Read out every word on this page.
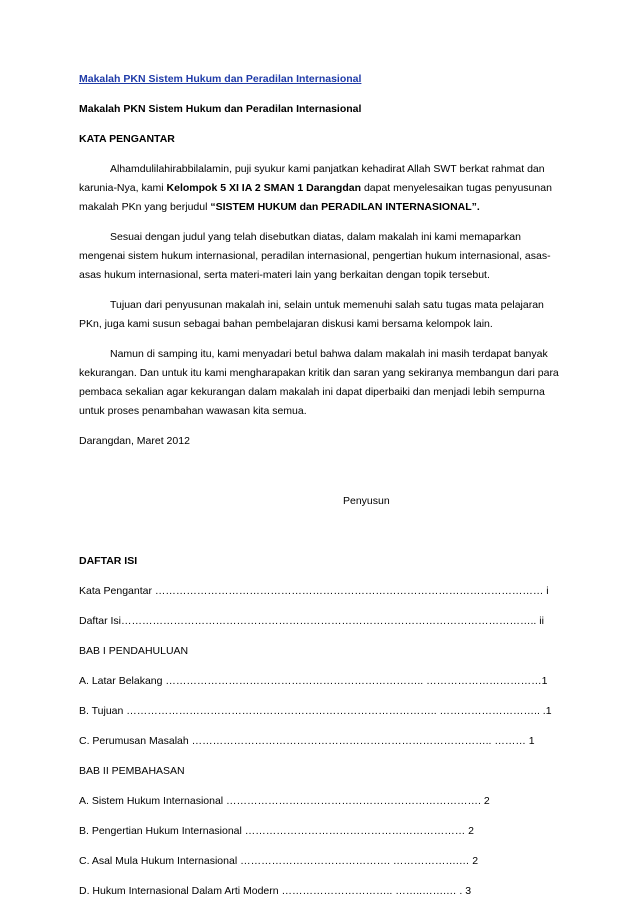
Makalah PKN Sistem Hukum dan Peradilan Internasional

Makalah PKN Sistem Hukum dan Peradilan Internasional

KATA PENGANTAR

Alhamdulilahirabbilalamin, puji syukur kami panjatkan kehadirat Allah SWT berkat rahmat dan karunia-Nya, kami Kelompok 5 XI IA 2 SMAN 1 Darangdan dapat menyelesaikan tugas penyusunan makalah PKn yang berjudul “SISTEM HUKUM dan PERADILAN INTERNASIONAL”.

Sesuai dengan judul yang telah disebutkan diatas, dalam makalah ini kami memaparkan mengenai sistem hukum internasional, peradilan internasional, pengertian hukum internasional, asas-asas hukum internasional, serta materi-materi lain yang berkaitan dengan topik tersebut.

Tujuan dari penyusunan makalah ini, selain untuk memenuhi salah satu tugas mata pelajaran PKn, juga kami susun sebagai bahan pembelajaran diskusi kami bersama kelompok lain.

Namun di samping itu, kami menyadari betul bahwa dalam makalah ini masih terdapat banyak kekurangan. Dan untuk itu kami mengharapakan kritik dan saran yang sekiranya membangun dari para pembaca sekalian agar kekurangan dalam makalah ini dapat diperbaiki dan menjadi lebih sempurna untuk proses penambahan wawasan kita semua.

Darangdan, Maret 2012

Penyusun

DAFTAR ISI

Kata Pengantar ………………………………………………………………………………………………… i
Daftar Isi……………………………………………………………………………………………………….. ii
BAB I PENDAHULUAN
A. Latar Belakang ……………………………………………………………….. ……………………………1
B. Tujuan …………………………………………………………………………….. ……………………….. .1
C. Perumusan Masalah ………………………………………………………………………….. ……… 1
BAB II PEMBAHASAN
A. Sistem Hukum Internasional ………………………………………………………………. 2
B. Pengertian Hukum Internasional ……………………………………………………… 2
C. Asal Mula Hukum Internasional ……………………………………. ……………….… 2
D. Hukum Internasional Dalam Arti Modern ………………………….. ……..…….… . 3
